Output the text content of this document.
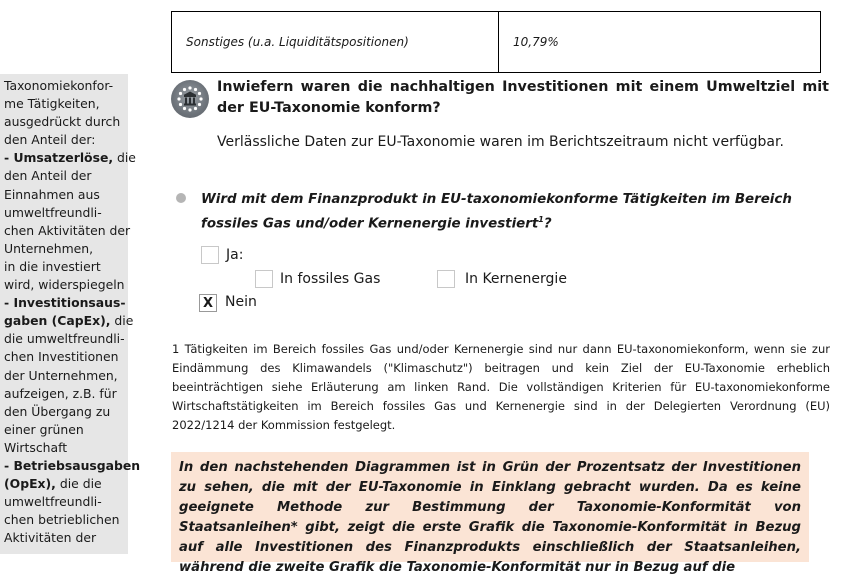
Taxonomiekonfor-
me Tätigkeiten,
ausgedrückt durch
den Anteil der:
- Umsatzerlöse, die
den Anteil der
Einnahmen aus
umweltfreundli-
chen Aktivitäten der
Unternehmen,
in die investiert
wird, widerspiegeln
- Investitionsaus-
gaben (CapEx), die
die umweltfreundli-
chen Investitionen
der Unternehmen,
aufzeigen, z.B. für
den Übergang zu
einer grünen
Wirtschaft
- Betriebsausgaben
(OpEx), die die
umweltfreundli-
chen betrieblichen
Aktivitäten der
Sonstiges (u.a. Liquiditätspositionen)	10,79%
Inwiefern waren die nachhaltigen Investitionen mit einem Umweltziel mit der EU-Taxonomie konform?
Verlässliche Daten zur EU-Taxonomie waren im Berichtszeitraum nicht verfügbar.
Wird mit dem Finanzprodukt in EU-taxonomiekonforme Tätigkeiten im Bereich fossiles Gas und/oder Kernenergie investiert$^1$?
Ja:
In fossiles Gas	In Kernenergie
X Nein
1 Tätigkeiten im Bereich fossiles Gas und/oder Kernenergie sind nur dann EU-taxonomiekonform, wenn sie zur Eindämmung des Klimawandels ("Klimaschutz") beitragen und kein Ziel der EU-Taxonomie erheblich beeinträchtigen siehe Erläuterung am linken Rand. Die vollständigen Kriterien für EU-taxonomiekonforme Wirtschaftstätigkeiten im Bereich fossiles Gas und Kernenergie sind in der Delegierten Verordnung (EU) 2022/1214 der Kommission festgelegt.
In den nachstehenden Diagrammen ist in Grün der Prozentsatz der Investitionen zu sehen, die mit der EU-Taxonomie in Einklang gebracht wurden. Da es keine geeignete Methode zur Bestimmung der Taxonomie-Konformität von Staatsanleihen* gibt, zeigt die erste Grafik die Taxonomie-Konformität in Bezug auf alle Investitionen des Finanzprodukts einschließlich der Staatsanleihen, während die zweite Grafik die Taxonomie-Konformität nur in Bezug auf die
